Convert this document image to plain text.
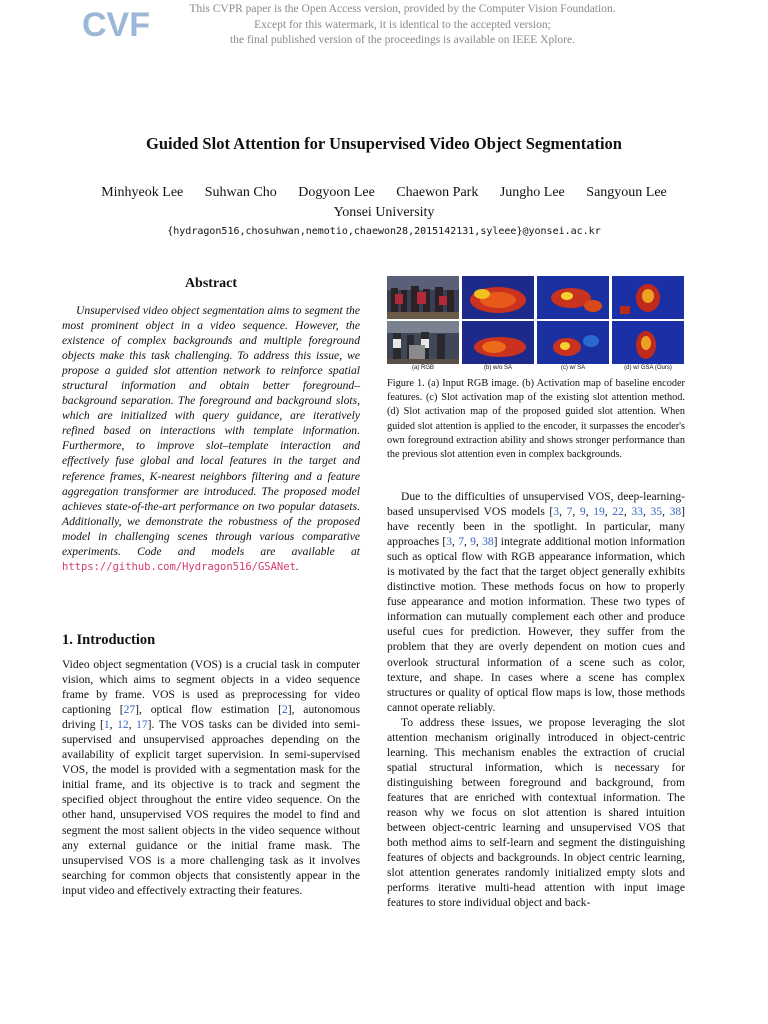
CVF	This CVPR paper is the Open Access version, provided by the Computer Vision Foundation.
Except for this watermark, it is identical to the accepted version;
the final published version of the proceedings is available on IEEE Xplore.
Guided Slot Attention for Unsupervised Video Object Segmentation
Minhyeok Lee Suhwan Cho Dogyoon Lee Chaewon Park Jungho Lee Sangyoun Lee
Yonsei University
{hydragon516,chosuhwan,nemotio,chaewon28,2015142131,syleee}@yonsei.ac.kr
Abstract
Unsupervised video object segmentation aims to segment the most prominent object in a video sequence. However, the existence of complex backgrounds and multiple foreground objects make this task challenging. To address this issue, we propose a guided slot attention network to reinforce spatial structural information and obtain better foreground–background separation. The foreground and background slots, which are initialized with query guidance, are iteratively refined based on interactions with template information. Furthermore, to improve slot–template interaction and effectively fuse global and local features in the target and reference frames, K-nearest neighbors filtering and a feature aggregation transformer are introduced. The proposed model achieves state-of-the-art performance on two popular datasets. Additionally, we demonstrate the robustness of the proposed model in challenging scenes through various comparative experiments. Code and models are available at https://github.com/Hydragon516/GSANet.
1. Introduction
Video object segmentation (VOS) is a crucial task in computer vision, which aims to segment objects in a video sequence frame by frame. VOS is used as preprocessing for video captioning [27], optical flow estimation [2], autonomous driving [1, 12, 17]. The VOS tasks can be divided into semi-supervised and unsupervised approaches depending on the availability of explicit target supervision. In semi-supervised VOS, the model is provided with a segmentation mask for the initial frame, and its objective is to track and segment the specified object throughout the entire video sequence. On the other hand, unsupervised VOS requires the model to find and segment the most salient objects in the video sequence without any external guidance or the initial frame mask. The unsupervised VOS is a more challenging task as it involves searching for common objects that consistently appear in the input video and effectively extracting their features.
(a) RGB	(b) w/o SA	(c) w/ SA	(d) w/ GSA (Ours)
Figure 1. (a) Input RGB image. (b) Activation map of baseline encoder features. (c) Slot activation map of the existing slot attention method. (d) Slot activation map of the proposed guided slot attention. When guided slot attention is applied to the encoder, it surpasses the encoder's own foreground extraction ability and shows stronger performance than the previous slot attention even in complex backgrounds.

Due to the difficulties of unsupervised VOS, deep-learning-based unsupervised VOS models [3, 7, 9, 19, 22, 33, 35, 38] have recently been in the spotlight. In particular, many approaches [3, 7, 9, 38] integrate additional motion information such as optical flow with RGB appearance information, which is motivated by the fact that the target object generally exhibits distinctive motion. These methods focus on how to properly fuse appearance and motion information. These two types of information can mutually complement each other and produce useful cues for prediction. However, they suffer from the problem that they are overly dependent on motion cues and overlook structural information of a scene such as color, texture, and shape. In cases where a scene has complex structures or quality of optical flow maps is low, those methods cannot operate reliably.

To address these issues, we propose leveraging the slot attention mechanism originally introduced in object-centric learning. This mechanism enables the extraction of crucial spatial structural information, which is necessary for distinguishing between foreground and background, from features that are enriched with contextual information. The reason why we focus on slot attention is shared intuition between object-centric learning and unsupervised VOS that both method aims to self-learn and segment the distinguishing features of objects and backgrounds. In object centric learning, slot attention generates randomly initialized empty slots and performs iterative multi-head attention with input image features to store individual object and back-
